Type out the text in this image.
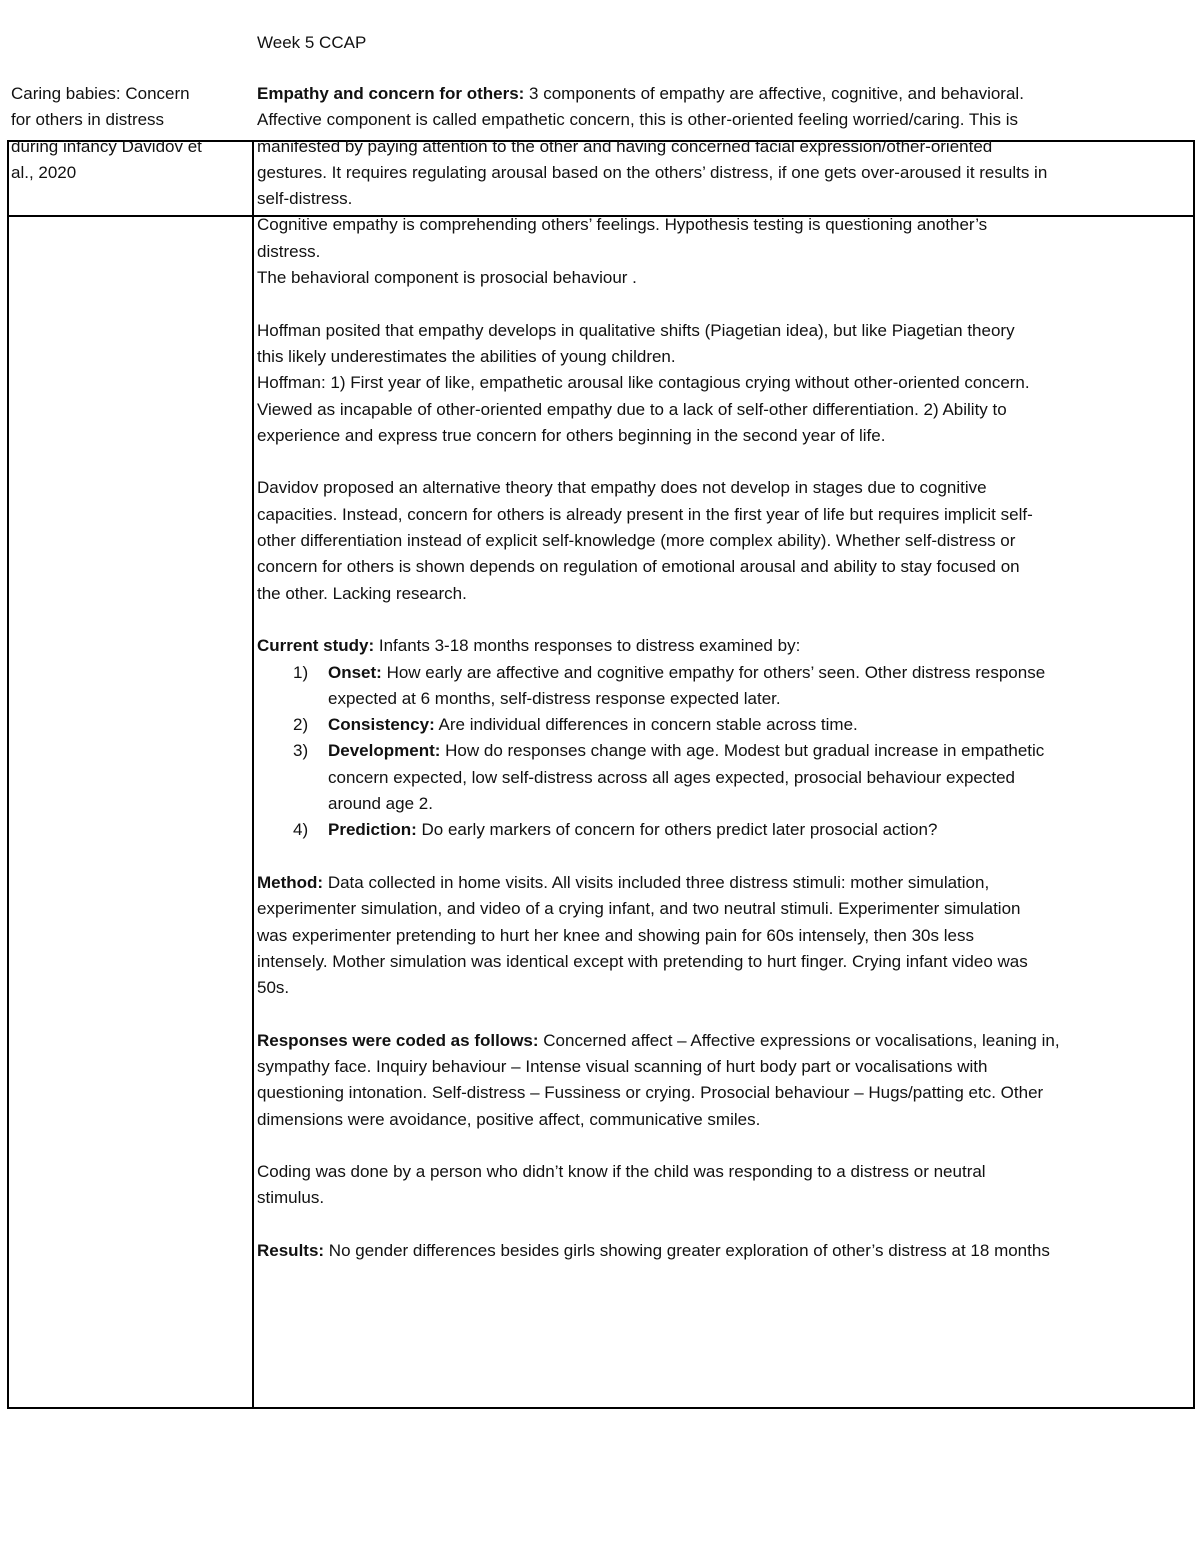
Week 5 CCAP
Caring babies: Concern
for others in distress
during infancy Davidov et
al., 2020
Empathy and concern for others: 3 components of empathy are affective, cognitive, and behavioral.
Affective component is called empathetic concern, this is other-oriented feeling worried/caring. This is
manifested by paying attention to the other and having concerned facial expression/other-oriented
gestures. It requires regulating arousal based on the others’ distress, if one gets over-aroused it results in
self-distress.
Cognitive empathy is comprehending others’ feelings. Hypothesis testing is questioning another’s
distress.
The behavioral component is prosocial behaviour .
Hoffman posited that empathy develops in qualitative shifts (Piagetian idea), but like Piagetian theory
this likely underestimates the abilities of young children.
Hoffman: 1) First year of like, empathetic arousal like contagious crying without other-oriented concern.
Viewed as incapable of other-oriented empathy due to a lack of self-other differentiation. 2) Ability to
experience and express true concern for others beginning in the second year of life.
Davidov proposed an alternative theory that empathy does not develop in stages due to cognitive
capacities. Instead, concern for others is already present in the first year of life but requires implicit self-
other differentiation instead of explicit self-knowledge (more complex ability). Whether self-distress or
concern for others is shown depends on regulation of emotional arousal and ability to stay focused on
the other. Lacking research.
Current study: Infants 3-18 months responses to distress examined by:
1) Onset: How early are affective and cognitive empathy for others’ seen. Other distress response
expected at 6 months, self-distress response expected later.
2) Consistency: Are individual differences in concern stable across time.
3) Development: How do responses change with age. Modest but gradual increase in empathetic
concern expected, low self-distress across all ages expected, prosocial behaviour expected
around age 2.
4) Prediction: Do early markers of concern for others predict later prosocial action?
Method: Data collected in home visits. All visits included three distress stimuli: mother simulation,
experimenter simulation, and video of a crying infant, and two neutral stimuli. Experimenter simulation
was experimenter pretending to hurt her knee and showing pain for 60s intensely, then 30s less
intensely. Mother simulation was identical except with pretending to hurt finger. Crying infant video was
50s.
Responses were coded as follows: Concerned affect – Affective expressions or vocalisations, leaning in,
sympathy face. Inquiry behaviour – Intense visual scanning of hurt body part or vocalisations with
questioning intonation. Self-distress – Fussiness or crying. Prosocial behaviour – Hugs/patting etc. Other
dimensions were avoidance, positive affect, communicative smiles.
Coding was done by a person who didn’t know if the child was responding to a distress or neutral
stimulus.
Results: No gender differences besides girls showing greater exploration of other’s distress at 18 months
